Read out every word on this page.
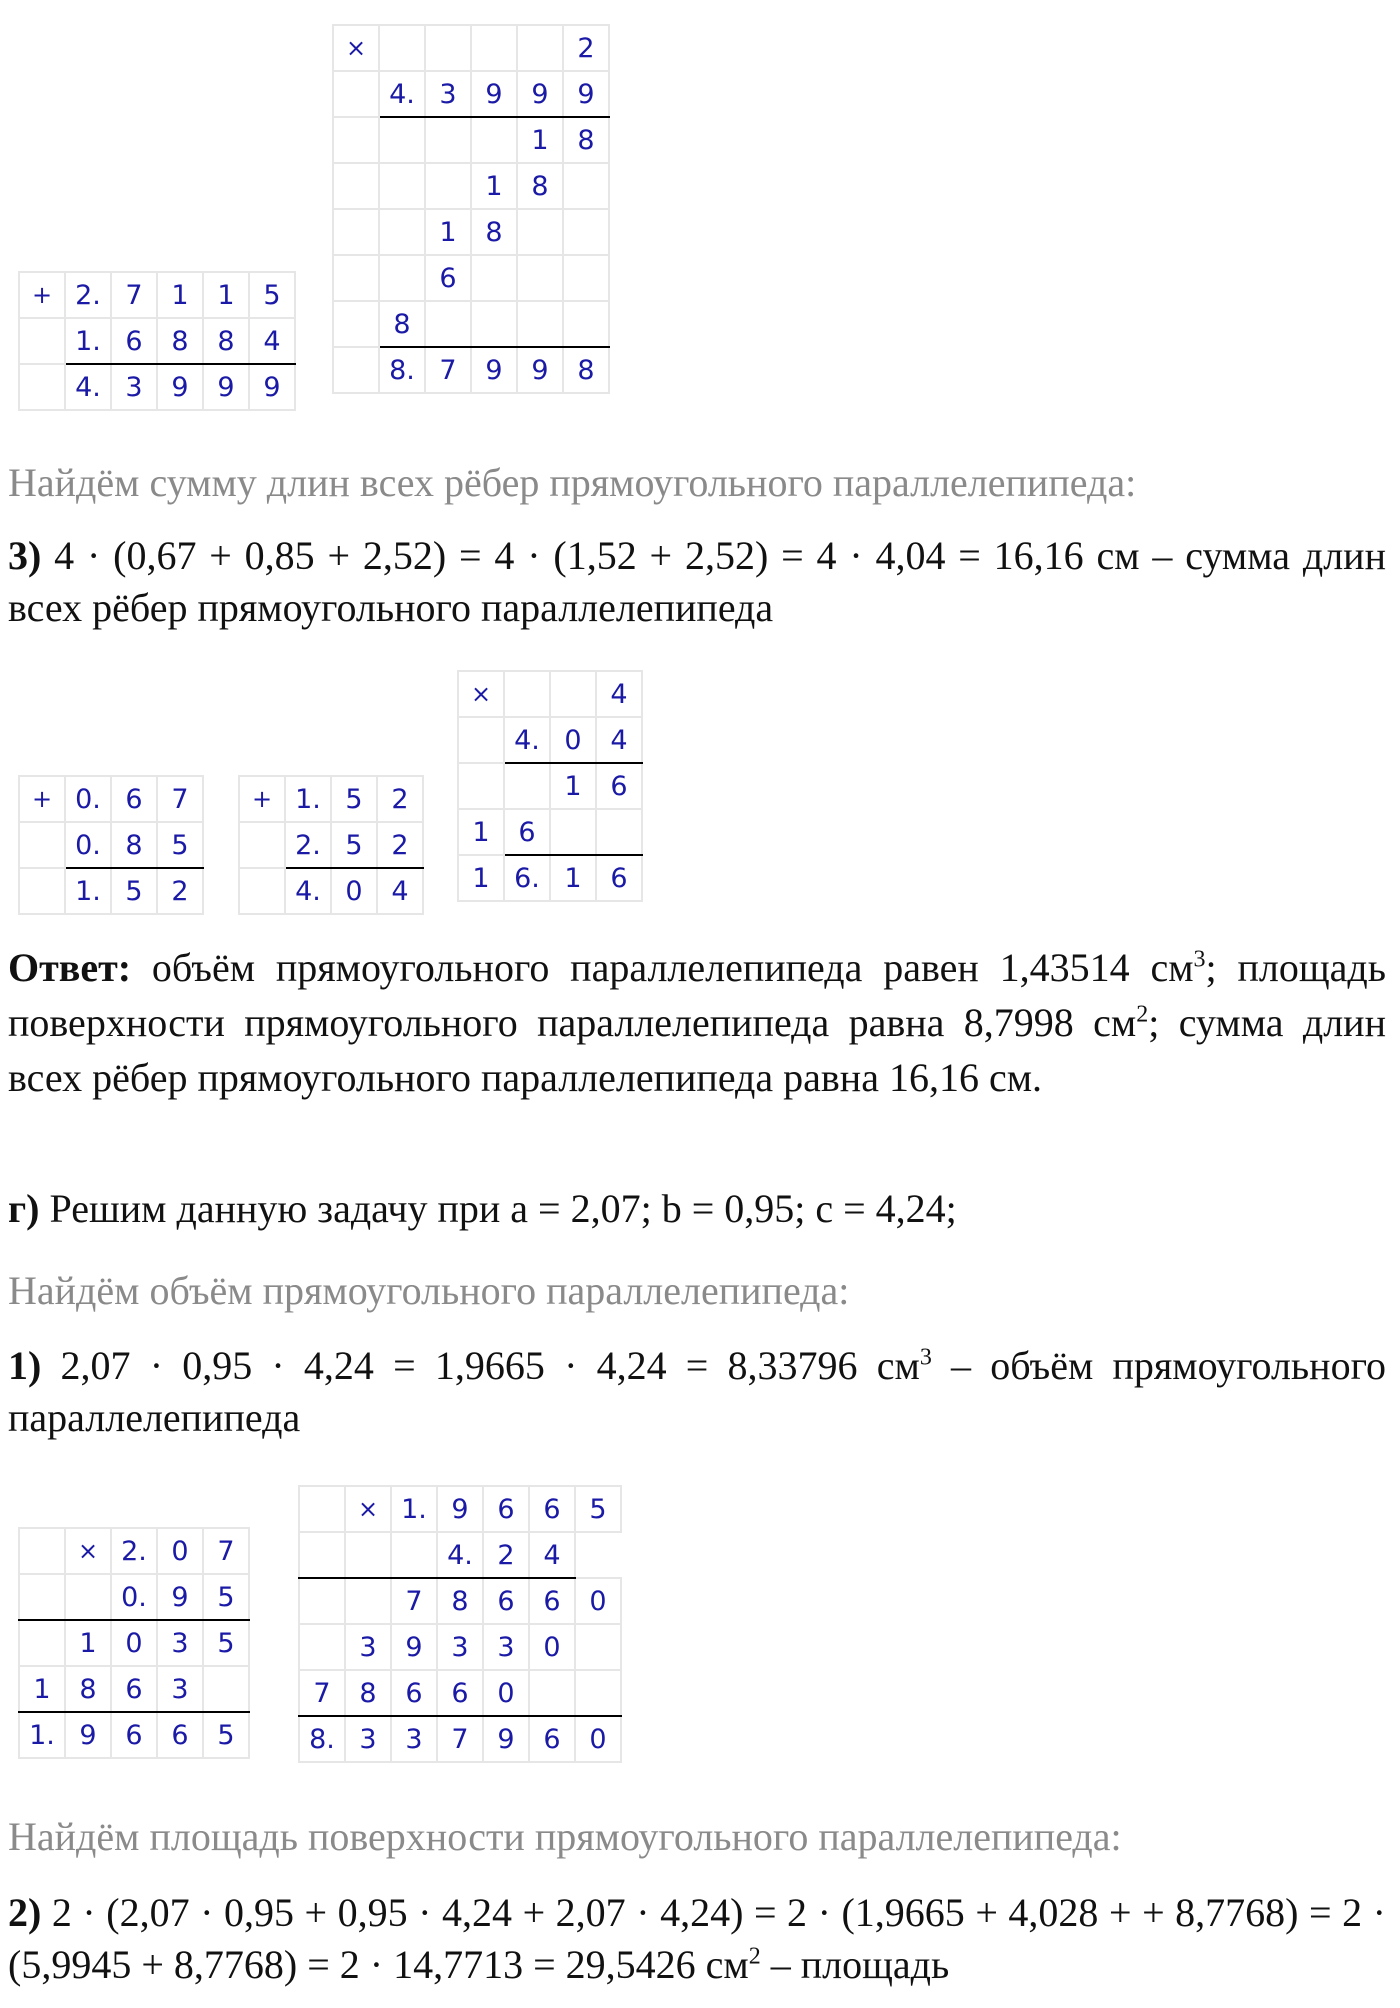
+	2.	7	1	1	5
	1.	6	8	8	4
	4.	3	9	9	9
×					2
	4.	3	9	9	9
				1	8
			1	8	
		1	8		
		6			
	8				
	8.	7	9	9	8
Найдём сумму длин всех рёбер прямоугольного параллелепипеда:
3) 4 · (0,67 + 0,85 + 2,52) = 4 · (1,52 + 2,52) = 4 · 4,04 = 16,16 см – сумма длин всех рёбер прямоугольного параллелепипеда
+	0.	6	7
	0.	8	5
	1.	5	2
+	1.	5	2
	2.	5	2
	4.	0	4
×			4
	4.	0	4
		1	6
1	6		
1	6.	1	6
Ответ: объём прямоугольного параллелепипеда равен 1,43514 $см^3$; площадь поверхности прямоугольного параллелепипеда равна 8,7998 $см^2$; сумма длин всех рёбер прямоугольного параллелепипеда равна 16,16 см.
г) Решим данную задачу при a = 2,07; b = 0,95; c = 4,24;
Найдём объём прямоугольного параллелепипеда:
1) 2,07 · 0,95 · 4,24 = 1,9665 · 4,24 = 8,33796 $см^3$ – объём прямоугольного параллелепипеда
	×	2.	0	7
		0.	9	5
	1	0	3	5
1	8	6	3	
1.	9	6	6	5
	×	1.	9	6	6	5
			4.	2	4	
		7	8	6	6	0
	3	9	3	3	0	
7	8	6	6	0		
8.	3	3	7	9	6	0
Найдём площадь поверхности прямоугольного параллелепипеда:
2) 2 · (2,07 · 0,95 + 0,95 · 4,24 + 2,07 · 4,24) = 2 · (1,9665 + 4,028 + + 8,7768) = 2 · (5,9945 + 8,7768) = 2 · 14,7713 = 29,5426 $см^2$ – площадь
